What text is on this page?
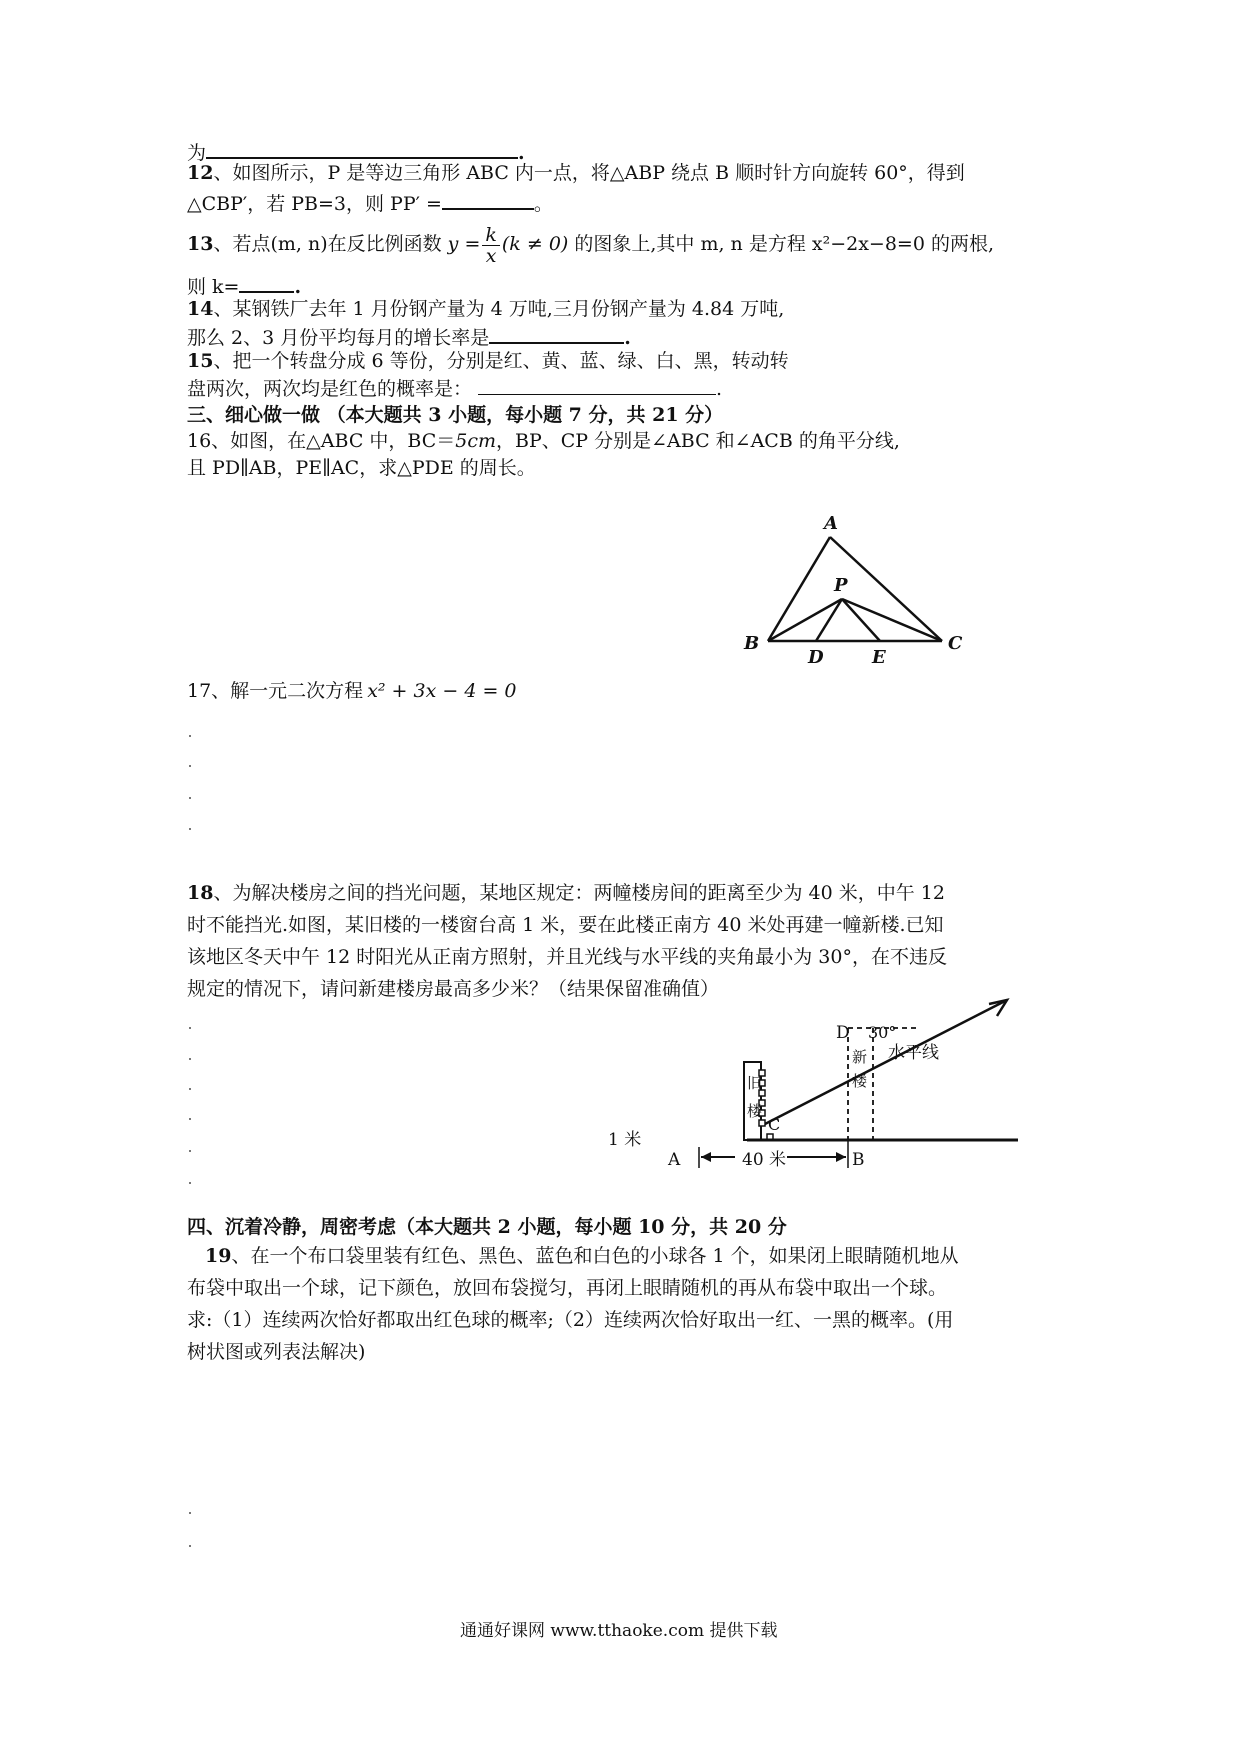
为	.
12、如图所示，P 是等边三角形 ABC 内一点，将△ABP 绕点 B 顺时针方向旋转 60°，得到
△CBP′，若 PB=3，则 PP′ =	。
13、若点(m, n)在反比例函数 $y = \frac{k}{x} (k \ne 0)$ 的图象上,其中 m, n 是方程 x²−2x−8=0 的两根,
则 k=	.
14、某钢铁厂去年 1 月份钢产量为 4 万吨,三月份钢产量为 4.84 万吨,
那么 2、3 月份平均每月的增长率是	.
15、把一个转盘分成 6 等份，分别是红、黄、蓝、绿、白、黑，转动转
盘两次，两次均是红色的概率是：	.
三、细心做一做 （本大题共 3 小题，每小题 7 分，共 21 分）
16、如图，在△ABC 中，BC＝5cm，BP、CP 分别是∠ABC 和∠ACB 的角平分线,
且 PD∥AB，PE∥AC，求△PDE 的周长。
A
B	C
P
D	E
17、解一元二次方程 x² + 3x − 4 = 0
18、为解决楼房之间的挡光问题，某地区规定：两幢楼房间的距离至少为 40 米，中午 12
时不能挡光.如图，某旧楼的一楼窗台高 1 米，要在此楼正南方 40 米处再建一幢新楼.已知
该地区冬天中午 12 时阳光从正南方照射，并且光线与水平线的夹角最小为 30°，在不违反
规定的情况下，请问新建楼房最高多少米？（结果保留准确值）
D 30°
新
楼
水平线
旧
楼
C
1 米
A	40 米	B
四、沉着冷静，周密考虑（本大题共 2 小题，每小题 10 分，共 20 分
19、在一个布口袋里装有红色、黑色、蓝色和白色的小球各 1 个，如果闭上眼睛随机地从
布袋中取出一个球，记下颜色，放回布袋搅匀，再闭上眼睛随机的再从布袋中取出一个球。
求:（1）连续两次恰好都取出红色球的概率;（2）连续两次恰好取出一红、一黑的概率。(用
树状图或列表法解决)
通通好课网 www.tthaoke.com 提供下载
